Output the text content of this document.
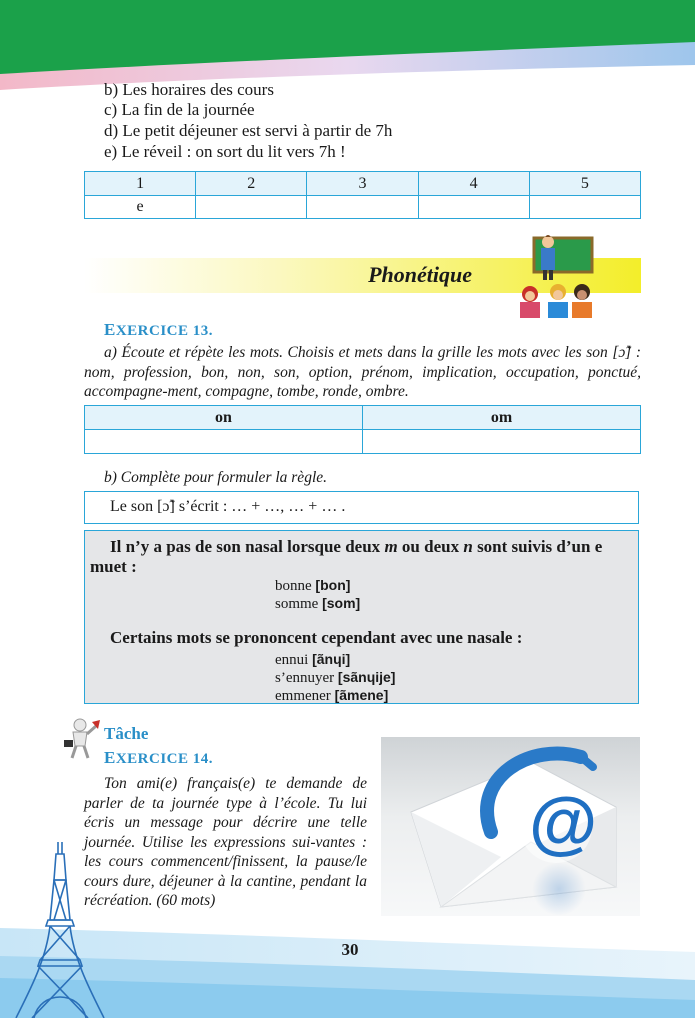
b) Les horaires des cours
c) La fin de la journée
d) Le petit déjeuner est servi à partir de 7h
e) Le réveil : on sort du lit vers 7h !
1	2	3	4	5
e				
Phonétique
EXERCICE 13.
a) Écoute et répète les mots. Choisis et mets dans la grille les mots avec les son [ɔ̃] : nom, profession, bon, non, son, option, prénom, implication, occupation, ponctué, accompagne-ment, compagne, tombe, ronde, ombre.
on	om

b) Complète pour formuler la règle.
Le son [ɔ̃] s’écrit : … + …, … + … .
Il n’y a pas de son nasal lorsque deux m ou deux n sont suivis d’un e muet :
bonne [bon]
somme [som]
Certains mots se prononcent cependant avec une nasale :
ennui [ãnɥi]
s’ennuyer [sãnɥije]
emmener [ãmene]
Tâche
EXERCICE 14.
Ton ami(e) français(e) te demande de parler de ta journée type à l’école. Tu lui écris un message pour décrire une telle journée. Utilise les expressions sui-vantes : les cours commencent/finissent, la pause/le cours dure, déjeuner à la cantine, pendant la récréation. (60 mots)
@
30
